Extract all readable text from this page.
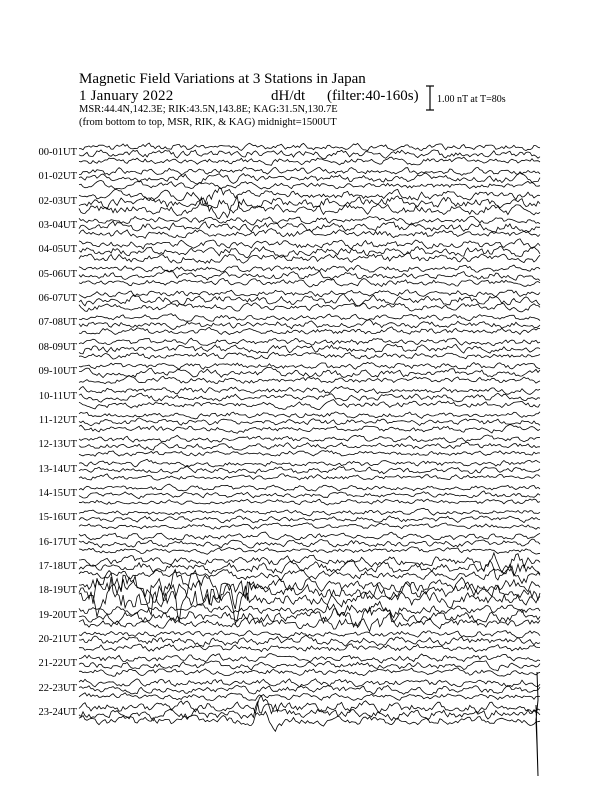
Magnetic Field Variations at 3 Stations in Japan
1 January 2022	dH/dt (filter:40-160s)
MSR:44.4N,142.3E; RIK:43.5N,143.8E; KAG:31.5N,130.7E
(from bottom to top, MSR, RIK, & KAG) midnight=1500UT
1.00 nT at T=80s
00-01UT
01-02UT
02-03UT
03-04UT
04-05UT
05-06UT
06-07UT
07-08UT
08-09UT
09-10UT
10-11UT
11-12UT
12-13UT
13-14UT
14-15UT
15-16UT
16-17UT
17-18UT
18-19UT
19-20UT
20-21UT
21-22UT
22-23UT
23-24UT
